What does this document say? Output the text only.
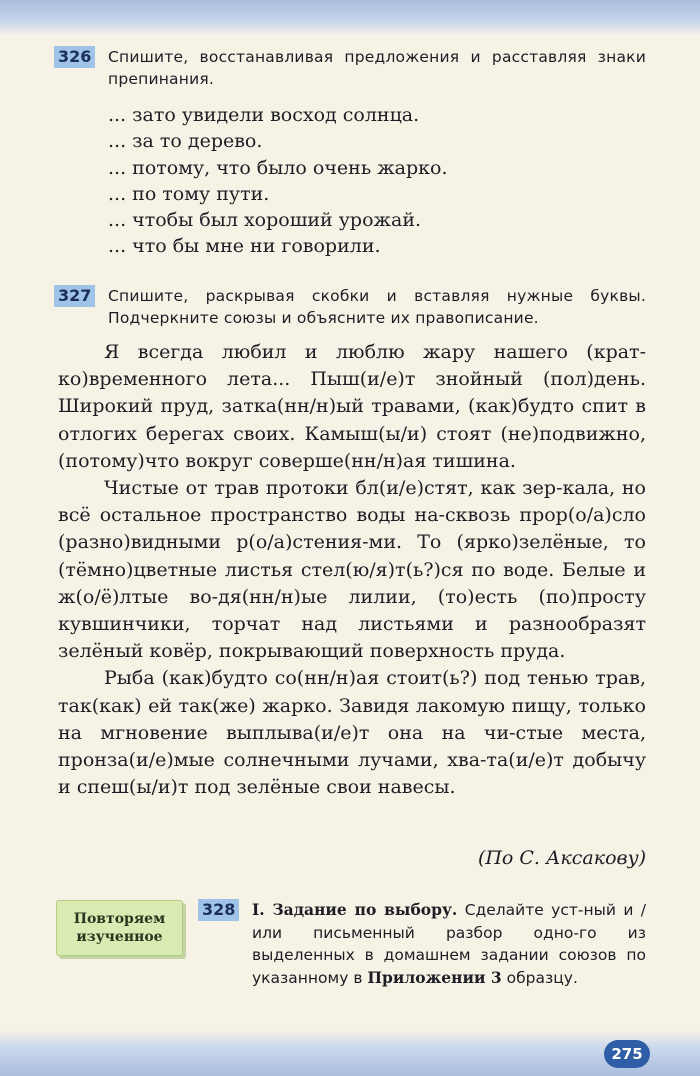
326 Спишите, восстанавливая предложения и расставляя знаки препинания.
... зато увидели восход солнца.
... за то дерево.
... потому, что было очень жарко.
... по тому пути.
... чтобы был хороший урожай.
... что бы мне ни говорили.
327 Спишите, раскрывая скобки и вставляя нужные буквы. Подчеркните союзы и объясните их правописание.

Я всегда любил и люблю жару нашего (крат-ко)временного лета... Пыш(и/е)т знойный (пол)день. Широкий пруд, затка(нн/н)ый травами, (как)будто спит в отлогих берегах своих. Камыш(ы/и) стоят (не)подвижно, (потому)что вокруг соверше(нн/н)ая тишина.

Чистые от трав протоки бл(и/е)стят, как зер-кала, но всё остальное пространство воды на-сквозь прор(о/а)сло (разно)видными р(о/а)стения-ми. То (ярко)зелёные, то (тёмно)цветные листья стел(ю/я)т(ь?)ся по воде. Белые и ж(о/ё)лтые во-дя(нн/н)ые лилии, (то)есть (по)просту кувшинчики, торчат над листьями и разнообразят зелёный ковёр, покрывающий поверхность пруда.

Рыба (как)будто со(нн/н)ая стоит(ь?) под тенью трав, так(как) ей так(же) жарко. Завидя лакомую пищу, только на мгновение выплыва(и/е)т она на чи-стые места, пронза(и/е)мые солнечными лучами, хва-та(и/е)т добычу и спеш(ы/и)т под зелёные свои навесы.

(По С. Аксакову)
Повторяем
изученное
328 I. Задание по выбору. Сделайте уст-ный и / или письменный разбор одно-го из выделенных в домашнем задании союзов по указанному в Приложении 3 образцу.
275
